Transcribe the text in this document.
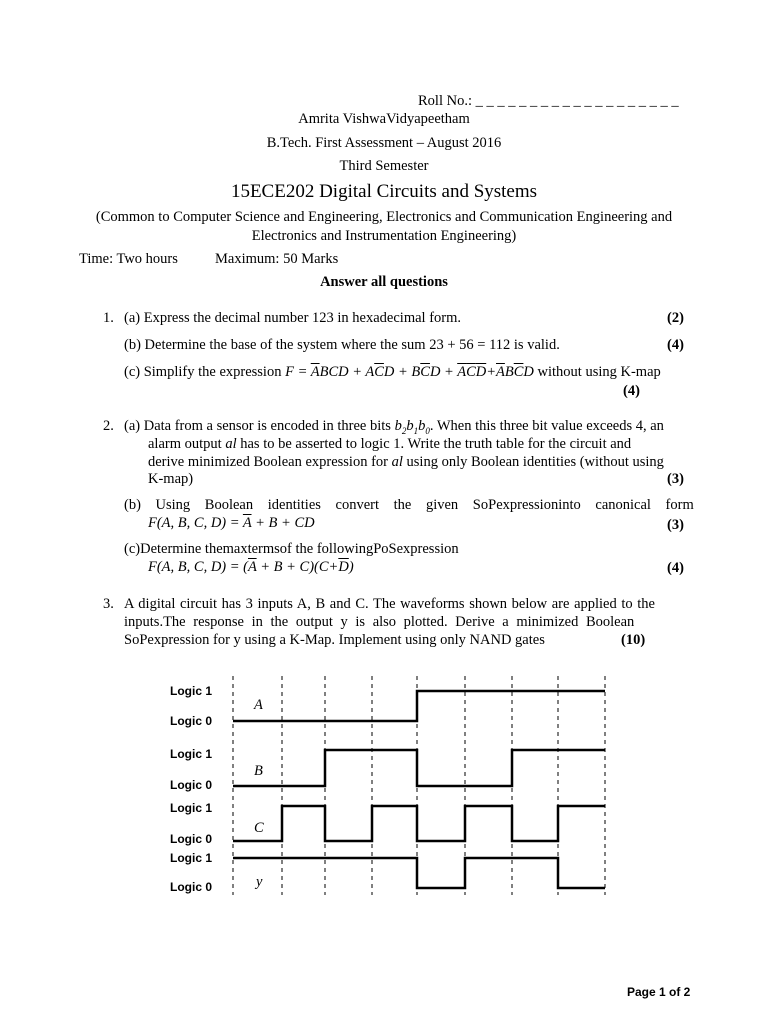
Roll No.: _ _ _ _ _ _ _ _ _ _ _ _ _ _ _ _ _ _ _
Amrita VishwaVidyapeetham
B.Tech. First Assessment – August 2016
Third Semester
15ECE202 Digital Circuits and Systems
(Common to Computer Science and Engineering, Electronics and Communication Engineering and
Electronics and Instrumentation Engineering)
Time: Two hours	Maximum: 50 Marks
Answer all questions
1. (a) Express the decimal number 123 in hexadecimal form.	(2)
(b) Determine the base of the system where the sum 23 + 56 = 112 is valid.	(4)
(c) Simplify the expression $F = \overline{A}BCD + A\overline{C}D + B\overline{C}D + \overline{A}\overline{C}\overline{D}+\overline{A}B\overline{C}D$ without using K-map
(4)
2. (a) Data from a sensor is encoded in three bits $b_2b_1b_0$. When this three bit value exceeds 4, an
alarm output al has to be asserted to logic 1. Write the truth table for the circuit and
derive minimized Boolean expression for al using only Boolean identities (without using
K-map)	(3)
(b) Using Boolean identities convert the given SoPexpressioninto canonical form
F(A, B, C, $D) = \overline{A} + B$ + CD	(3)
(c)Determine themaxtermsof the followingPoSexpression
F(A, B, C, $D) = (\overline{A} + B + C)(C+\overline{D})$	(4)
3. A digital circuit has 3 inputs A, B and C. The waveforms shown below are applied to the
inputs.The response in the output y is also plotted. Derive a minimized Boolean
SoPexpression for y using a K-Map. Implement using only NAND gates	(10)
Logic 1
Logic 0
Logic 1
Logic 0
Logic 1
Logic 0
Logic 1
Logic 0
A
B
C
y
Page 1 of 2
